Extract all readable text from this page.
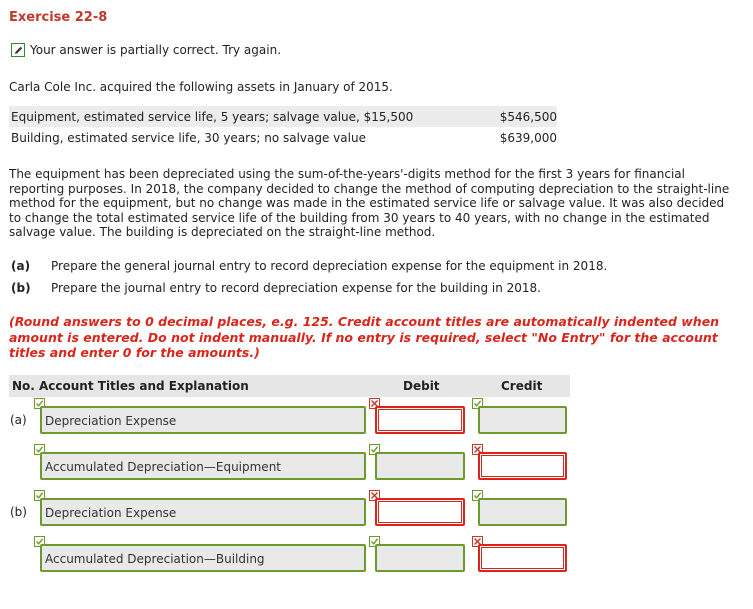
Exercise 22-8
Your answer is partially correct. Try again.
Carla Cole Inc. acquired the following assets in January of 2015.
Equipment, estimated service life, 5 years; salvage value, $15,500	$546,500
Building, estimated service life, 30 years; no salvage value	$639,000
The equipment has been depreciated using the sum-of-the-years'-digits method for the first 3 years for financial reporting purposes. In 2018, the company decided to change the method of computing depreciation to the straight-line method for the equipment, but no change was made in the estimated service life or salvage value. It was also decided to change the total estimated service life of the building from 30 years to 40 years, with no change in the estimated salvage value. The building is depreciated on the straight-line method.
(a) Prepare the general journal entry to record depreciation expense for the equipment in 2018.
(b) Prepare the journal entry to record depreciation expense for the building in 2018.
(Round answers to 0 decimal places, e.g. 125. Credit account titles are automatically indented when amount is entered. Do not indent manually. If no entry is required, select "No Entry" for the account titles and enter 0 for the amounts.)
No. Account Titles and Explanation	Debit	Credit
(a) Depreciation Expense
Accumulated Depreciation—Equipment
(b) Depreciation Expense
Accumulated Depreciation—Building
